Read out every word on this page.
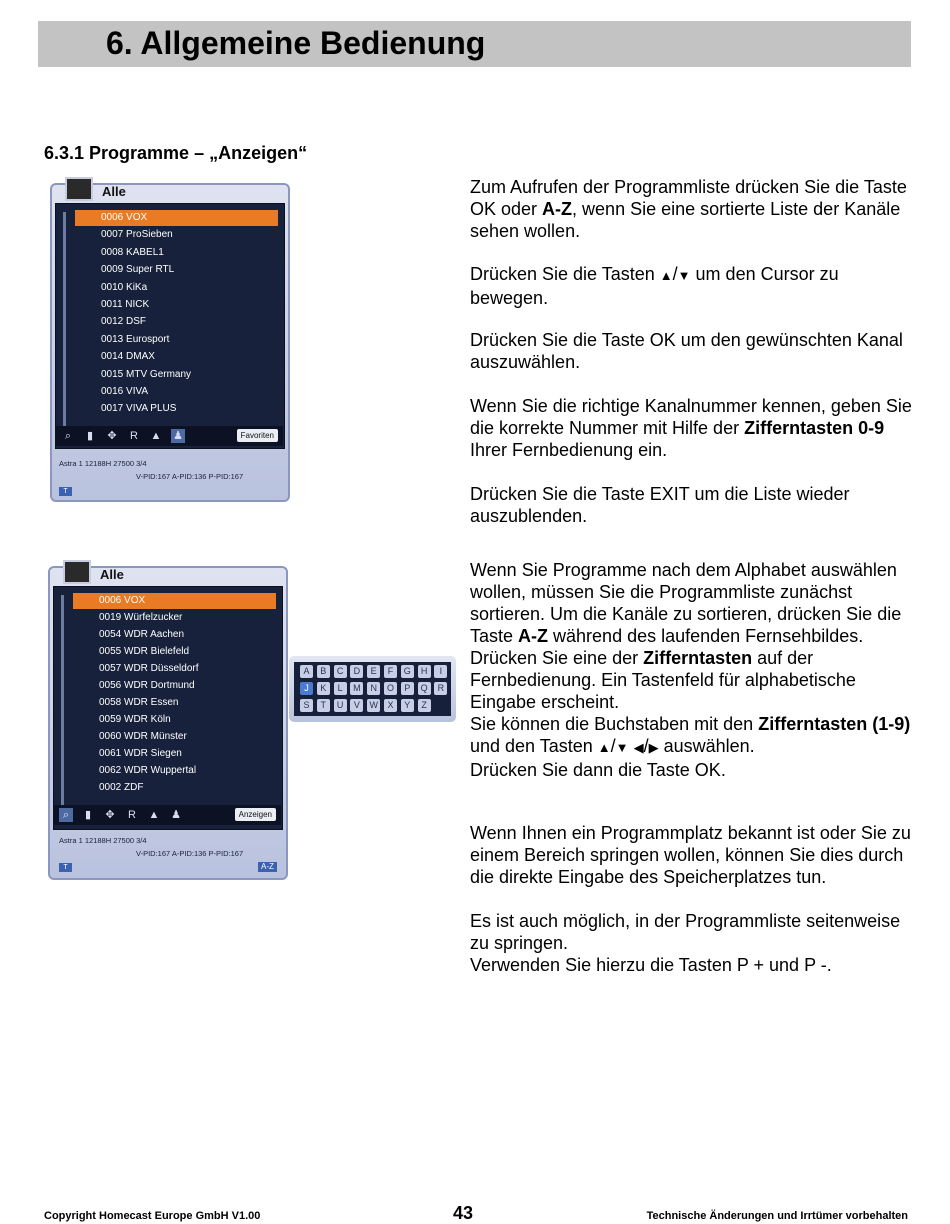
6. Allgemeine Bedienung
6.3.1 Programme – „Anzeigen“
Alle
0006 VOX
0007 ProSieben
0008 KABEL1
0009 Super RTL
0010 KiKa
0011 NICK
0012 DSF
0013 Eurosport
0014 DMAX
0015 MTV Germany
0016 VIVA
0017 VIVA PLUS
⌕	▮	✥ R ▲ ♟	Favoriten
Astra 1 12188H 27500 3/4
V-PID:167 A-PID:136 P-PID:167
T
Alle
0006 VOX
0019 Würfelzucker
0054 WDR Aachen
0055 WDR Bielefeld
0057 WDR Düsseldorf
0056 WDR Dortmund
0058 WDR Essen
0059 WDR Köln
0060 WDR Münster
0061 WDR Siegen
0062 WDR Wuppertal
0002 ZDF
⌕	▮	✥ R ▲ ♟	Anzeigen
Astra 1 12188H 27500 3/4
V-PID:167 A-PID:136 P-PID:167
T	A-Z
A	B	C	D	E	F	G	H	I
J	K	L	M	N	O	P	Q	R
S	T	U	V	W	X	Y	Z

Zum Aufrufen der Programmliste drücken Sie die Taste OK oder A-Z, wenn Sie eine sortierte Liste der Kanäle sehen wollen.

Drücken Sie die Tasten ▲/▼ um den Cursor zu bewegen.

Drücken Sie die Taste OK um den gewünschten Kanal auszuwählen.

Wenn Sie die richtige Kanalnummer kennen, geben Sie die korrekte Nummer mit Hilfe der Zifferntasten 0-9 Ihrer Fernbedienung ein.

Drücken Sie die Taste EXIT um die Liste wieder auszublenden.

Wenn Sie Programme nach dem Alphabet auswählen wollen, müssen Sie die Programmliste zunächst sortieren. Um die Kanäle zu sortieren, drücken Sie die Taste A-Z während des laufenden Fernsehbildes.

Drücken Sie eine der Zifferntasten auf der Fernbedienung. Ein Tastenfeld für alphabetische Eingabe erscheint.

Sie können die Buchstaben mit den Zifferntasten (1-9) und den Tasten ▲/▼ ◀/▶ auswählen.

Drücken Sie dann die Taste OK.

Wenn Ihnen ein Programmplatz bekannt ist oder Sie zu einem Bereich springen wollen, können Sie dies durch die direkte Eingabe des Speicherplatzes tun.

Es ist auch möglich, in der Programmliste seitenweise zu springen.

Verwenden Sie hierzu die Tasten P + und P -.

Copyright Homecast Europe GmbH V1.00	43	Technische Änderungen und Irrtümer vorbehalten
